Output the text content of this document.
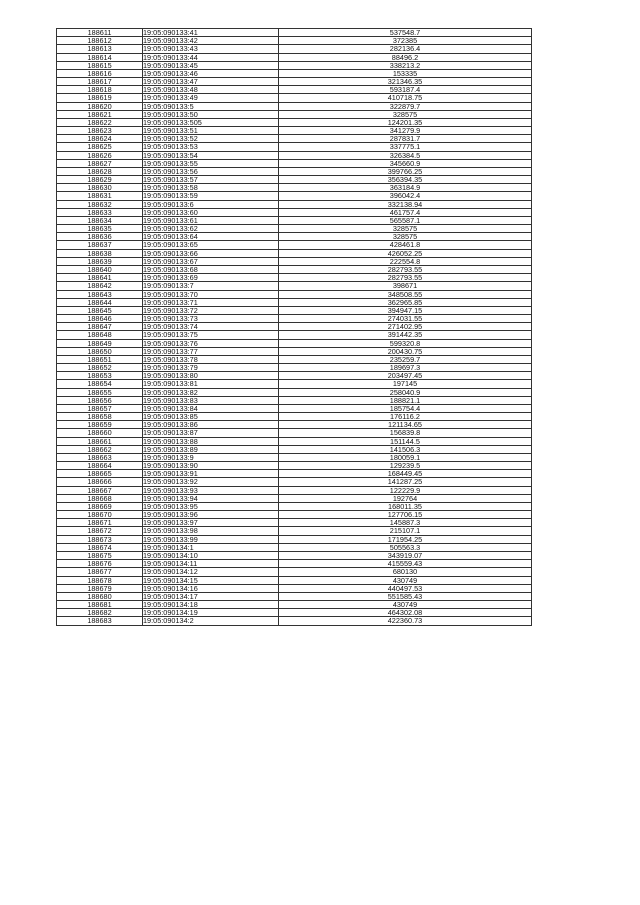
188611	19:05:090133:41	537548.7
188612	19:05:090133:42	372385
188613	19:05:090133:43	282136.4
188614	19:05:090133:44	88496.2
188615	19:05:090133:45	338213.2
188616	19:05:090133:46	153335
188617	19:05:090133:47	321346.35
188618	19:05:090133:48	593187.4
188619	19:05:090133:49	410718.75
188620	19:05:090133:5	322879.7
188621	19:05:090133:50	328575
188622	19:05:090133:505	124201.35
188623	19:05:090133:51	341279.9
188624	19:05:090133:52	287831.7
188625	19:05:090133:53	337775.1
188626	19:05:090133:54	326384.5
188627	19:05:090133:55	345660.9
188628	19:05:090133:56	399766.25
188629	19:05:090133:57	356394.35
188630	19:05:090133:58	363184.9
188631	19:05:090133:59	396042.4
188632	19:05:090133:6	332138.94
188633	19:05:090133:60	461757.4
188634	19:05:090133:61	565587.1
188635	19:05:090133:62	328575
188636	19:05:090133:64	328575
188637	19:05:090133:65	428461.8
188638	19:05:090133:66	426052.25
188639	19:05:090133:67	222554.8
188640	19:05:090133:68	282793.55
188641	19:05:090133:69	282793.55
188642	19:05:090133:7	398671
188643	19:05:090133:70	348508.55
188644	19:05:090133:71	362965.85
188645	19:05:090133:72	394947.15
188646	19:05:090133:73	274031.55
188647	19:05:090133:74	271402.95
188648	19:05:090133:75	391442.35
188649	19:05:090133:76	599320.8
188650	19:05:090133:77	200430.75
188651	19:05:090133:78	235259.7
188652	19:05:090133:79	189697.3
188653	19:05:090133:80	203497.45
188654	19:05:090133:81	197145
188655	19:05:090133:82	258040.9
188656	19:05:090133:83	188821.1
188657	19:05:090133:84	185754.4
188658	19:05:090133:85	176116.2
188659	19:05:090133:86	121134.65
188660	19:05:090133:87	156839.8
188661	19:05:090133:88	151144.5
188662	19:05:090133:89	141506.3
188663	19:05:090133:9	180059.1
188664	19:05:090133:90	129239.5
188665	19:05:090133:91	168449.45
188666	19:05:090133:92	141287.25
188667	19:05:090133:93	122229.9
188668	19:05:090133:94	192764
188669	19:05:090133:95	168011.35
188670	19:05:090133:96	127706.15
188671	19:05:090133:97	145887.3
188672	19:05:090133:98	215107.1
188673	19:05:090133:99	171954.25
188674	19:05:090134:1	505563.3
188675	19:05:090134:10	343919.07
188676	19:05:090134:11	415559.43
188677	19:05:090134:12	680130
188678	19:05:090134:15	430749
188679	19:05:090134:16	440497.53
188680	19:05:090134:17	551585.43
188681	19:05:090134:18	430749
188682	19:05:090134:19	464302.08
188683	19:05:090134:2	422360.73
